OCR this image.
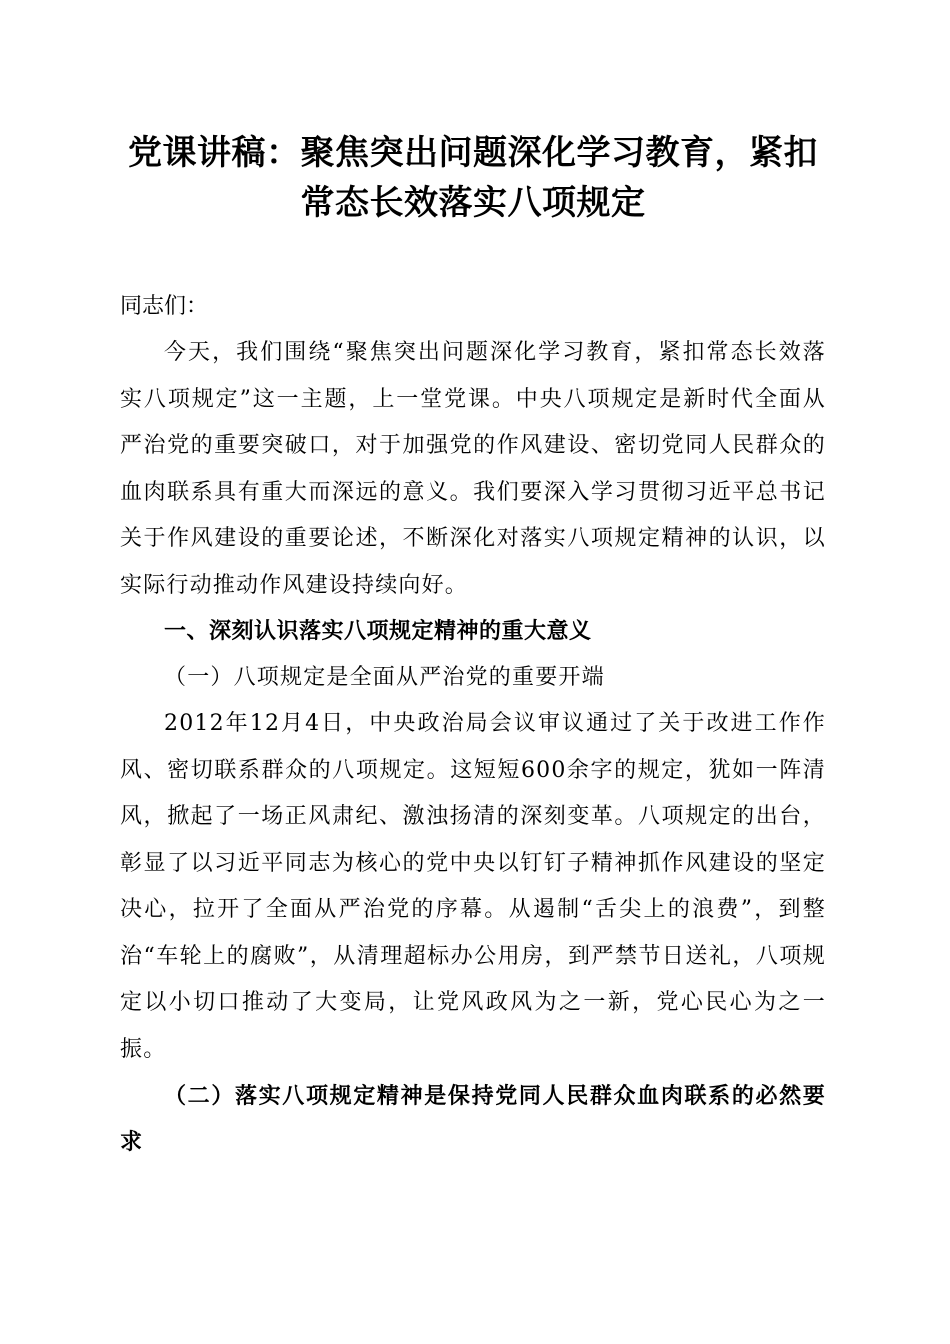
党课讲稿：聚焦突出问题深化学习教育，紧扣
常态长效落实八项规定

同志们：

今天，我们围绕“聚焦突出问题深化学习教育，紧扣常态长效落实八项规定”这一主题，上一堂党课。中央八项规定是新时代全面从严治党的重要突破口，对于加强党的作风建设、密切党同人民群众的血肉联系具有重大而深远的意义。我们要深入学习贯彻习近平总书记关于作风建设的重要论述，不断深化对落实八项规定精神的认识，以实际行动推动作风建设持续向好。

一、深刻认识落实八项规定精神的重大意义

（一）八项规定是全面从严治党的重要开端

2012年12月4日，中央政治局会议审议通过了关于改进工作作风、密切联系群众的八项规定。这短短600余字的规定，犹如一阵清风，掀起了一场正风肃纪、激浊扬清的深刻变革。八项规定的出台，彰显了以习近平同志为核心的党中央以钉钉子精神抓作风建设的坚定决心，拉开了全面从严治党的序幕。从遏制“舌尖上的浪费”，到整治“车轮上的腐败”，从清理超标办公用房，到严禁节日送礼，八项规定以小切口推动了大变局，让党风政风为之一新，党心民心为之一振。

（二）落实八项规定精神是保持党同人民群众血肉联系的必然要求
